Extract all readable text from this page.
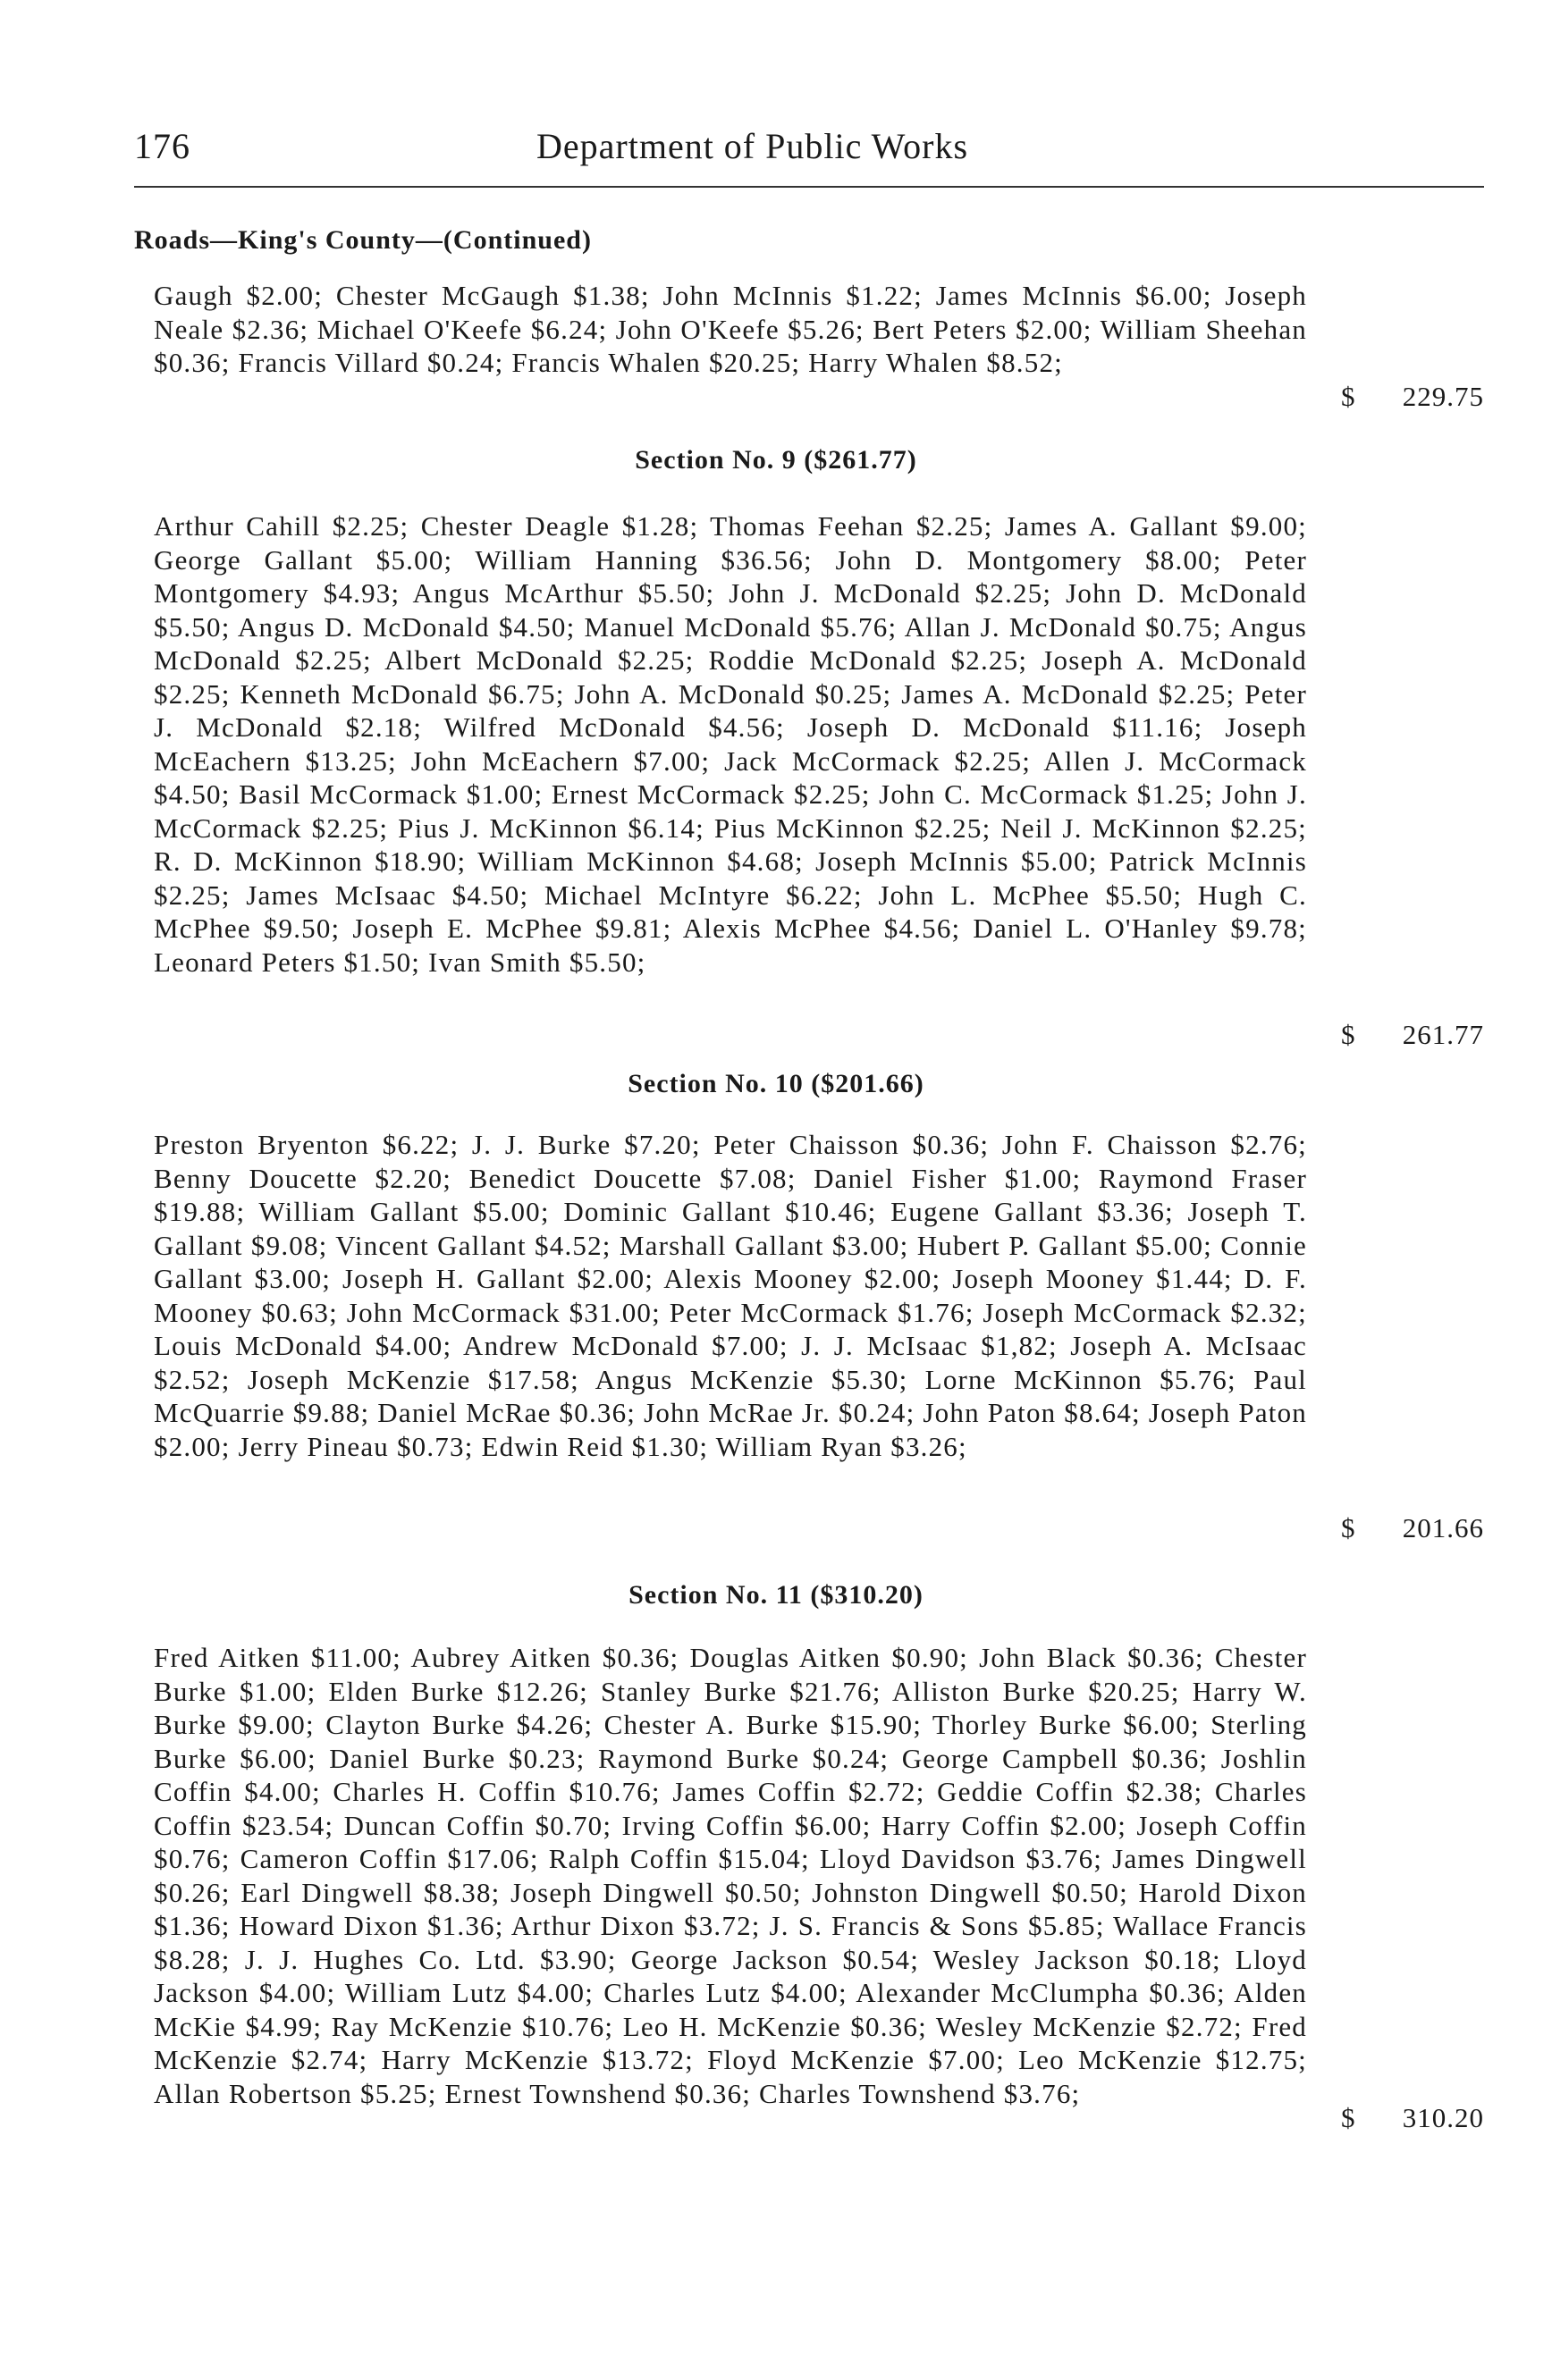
176	Department of Public Works
Roads—King's County—(Continued)
Gaugh $2.00; Chester McGaugh $1.38; John McInnis $1.22; James McInnis $6.00; Joseph Neale $2.36; Michael O'Keefe $6.24; John O'Keefe $5.26; Bert Peters $2.00; William Sheehan $0.36; Francis Villard $0.24; Francis Whalen $20.25; Harry Whalen $8.52;
$ 229.75
Section No. 9 ($261.77)
Arthur Cahill $2.25; Chester Deagle $1.28; Thomas Feehan $2.25; James A. Gallant $9.00; George Gallant $5.00; William Hanning $36.56; John D. Montgomery $8.00; Peter Montgomery $4.93; Angus McArthur $5.50; John J. McDonald $2.25; John D. McDonald $5.50; Angus D. McDonald $4.50; Manuel McDonald $5.76; Allan J. McDonald $0.75; Angus McDonald $2.25; Albert McDonald $2.25; Roddie McDonald $2.25; Joseph A. McDonald $2.25; Kenneth McDonald $6.75; John A. McDonald $0.25; James A. McDonald $2.25; Peter J. McDonald $2.18; Wilfred McDonald $4.56; Joseph D. McDonald $11.16; Joseph McEachern $13.25; John McEachern $7.00; Jack McCormack $2.25; Allen J. McCormack $4.50; Basil McCormack $1.00; Ernest McCormack $2.25; John C. McCormack $1.25; John J. McCormack $2.25; Pius J. McKinnon $6.14; Pius McKinnon $2.25; Neil J. McKinnon $2.25; R. D. McKinnon $18.90; William McKinnon $4.68; Joseph McInnis $5.00; Patrick McInnis $2.25; James McIsaac $4.50; Michael McIntyre $6.22; John L. McPhee $5.50; Hugh C. McPhee $9.50; Joseph E. McPhee $9.81; Alexis McPhee $4.56; Daniel L. O'Hanley $9.78; Leonard Peters $1.50; Ivan Smith $5.50;
$ 261.77
Section No. 10 ($201.66)
Preston Bryenton $6.22; J. J. Burke $7.20; Peter Chaisson $0.36; John F. Chaisson $2.76; Benny Doucette $2.20; Benedict Doucette $7.08; Daniel Fisher $1.00; Raymond Fraser $19.88; William Gallant $5.00; Dominic Gallant $10.46; Eugene Gallant $3.36; Joseph T. Gallant $9.08; Vincent Gallant $4.52; Marshall Gallant $3.00; Hubert P. Gallant $5.00; Connie Gallant $3.00; Joseph H. Gallant $2.00; Alexis Mooney $2.00; Joseph Mooney $1.44; D. F. Mooney $0.63; John McCormack $31.00; Peter McCormack $1.76; Joseph McCormack $2.32; Louis McDonald $4.00; Andrew McDonald $7.00; J. J. McIsaac $1,82; Joseph A. McIsaac $2.52; Joseph McKenzie $17.58; Angus McKenzie $5.30; Lorne McKinnon $5.76; Paul McQuarrie $9.88; Daniel McRae $0.36; John McRae Jr. $0.24; John Paton $8.64; Joseph Paton $2.00; Jerry Pineau $0.73; Edwin Reid $1.30; William Ryan $3.26;
$ 201.66
Section No. 11 ($310.20)
Fred Aitken $11.00; Aubrey Aitken $0.36; Douglas Aitken $0.90; John Black $0.36; Chester Burke $1.00; Elden Burke $12.26; Stanley Burke $21.76; Alliston Burke $20.25; Harry W. Burke $9.00; Clayton Burke $4.26; Chester A. Burke $15.90; Thorley Burke $6.00; Sterling Burke $6.00; Daniel Burke $0.23; Raymond Burke $0.24; George Campbell $0.36; Joshlin Coffin $4.00; Charles H. Coffin $10.76; James Coffin $2.72; Geddie Coffin $2.38; Charles Coffin $23.54; Duncan Coffin $0.70; Irving Coffin $6.00; Harry Coffin $2.00; Joseph Coffin $0.76; Cameron Coffin $17.06; Ralph Coffin $15.04; Lloyd Davidson $3.76; James Dingwell $0.26; Earl Dingwell $8.38; Joseph Dingwell $0.50; Johnston Dingwell $0.50; Harold Dixon $1.36; Howard Dixon $1.36; Arthur Dixon $3.72; J. S. Francis & Sons $5.85; Wallace Francis $8.28; J. J. Hughes Co. Ltd. $3.90; George Jackson $0.54; Wesley Jackson $0.18; Lloyd Jackson $4.00; William Lutz $4.00; Charles Lutz $4.00; Alexander McClumpha $0.36; Alden McKie $4.99; Ray McKenzie $10.76; Leo H. McKenzie $0.36; Wesley McKenzie $2.72; Fred McKenzie $2.74; Harry McKenzie $13.72; Floyd McKenzie $7.00; Leo McKenzie $12.75; Allan Robertson $5.25; Ernest Townshend $0.36; Charles Townshend $3.76;
$ 310.20
